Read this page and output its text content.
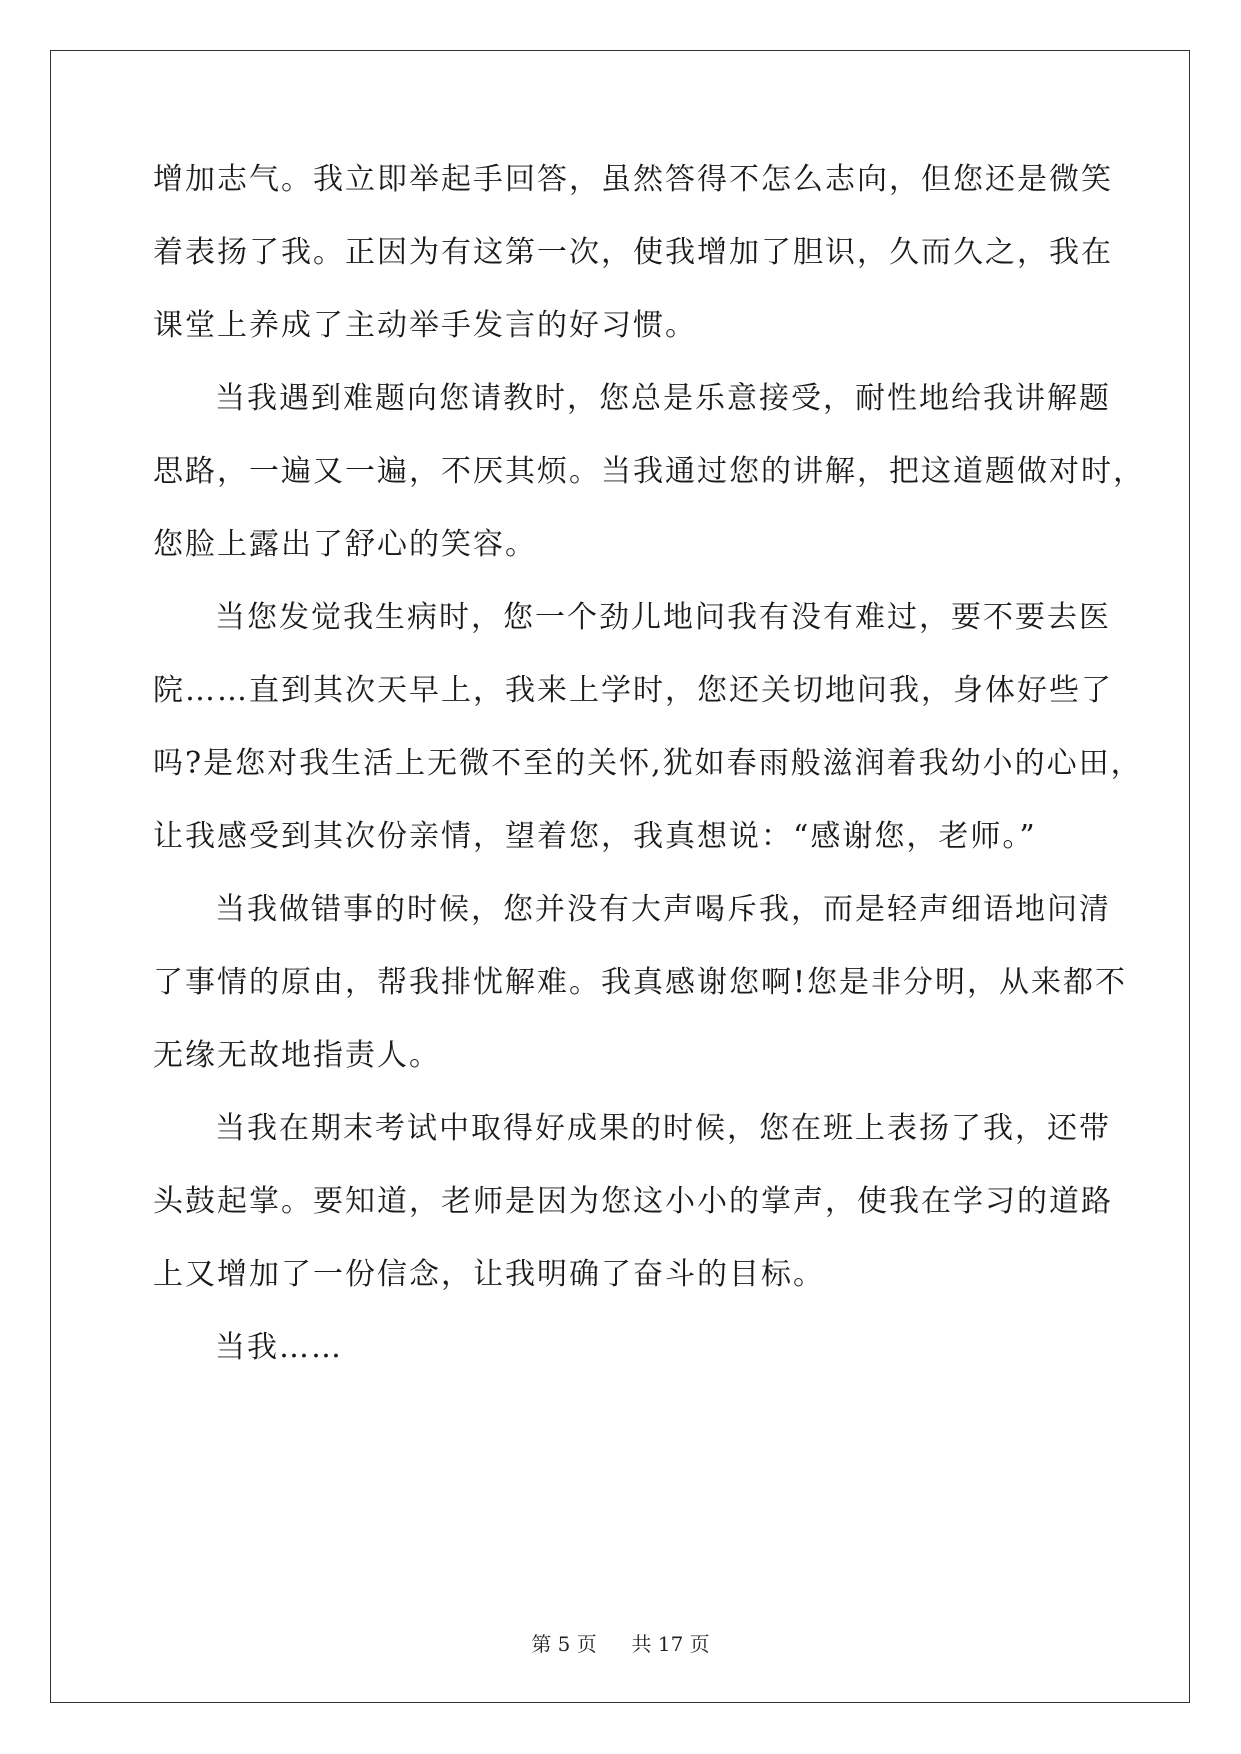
增加志气。我立即举起手回答，虽然答得不怎么志向，但您还是微笑
着表扬了我。正因为有这第一次，使我增加了胆识，久而久之，我在
课堂上养成了主动举手发言的好习惯。
当我遇到难题向您请教时，您总是乐意接受，耐性地给我讲解题
思路，一遍又一遍，不厌其烦。当我通过您的讲解，把这道题做对时，
您脸上露出了舒心的笑容。
当您发觉我生病时，您一个劲儿地问我有没有难过，要不要去医
院……直到其次天早上，我来上学时，您还关切地问我，身体好些了
吗?是您对我生活上无微不至的关怀,犹如春雨般滋润着我幼小的心田，
让我感受到其次份亲情，望着您，我真想说：“感谢您，老师。”
当我做错事的时候，您并没有大声喝斥我，而是轻声细语地问清
了事情的原由，帮我排忧解难。我真感谢您啊!您是非分明，从来都不
无缘无故地指责人。
当我在期末考试中取得好成果的时候，您在班上表扬了我，还带
头鼓起掌。要知道，老师是因为您这小小的掌声，使我在学习的道路
上又增加了一份信念，让我明确了奋斗的目标。
当我……
第 5 页 共 17 页
